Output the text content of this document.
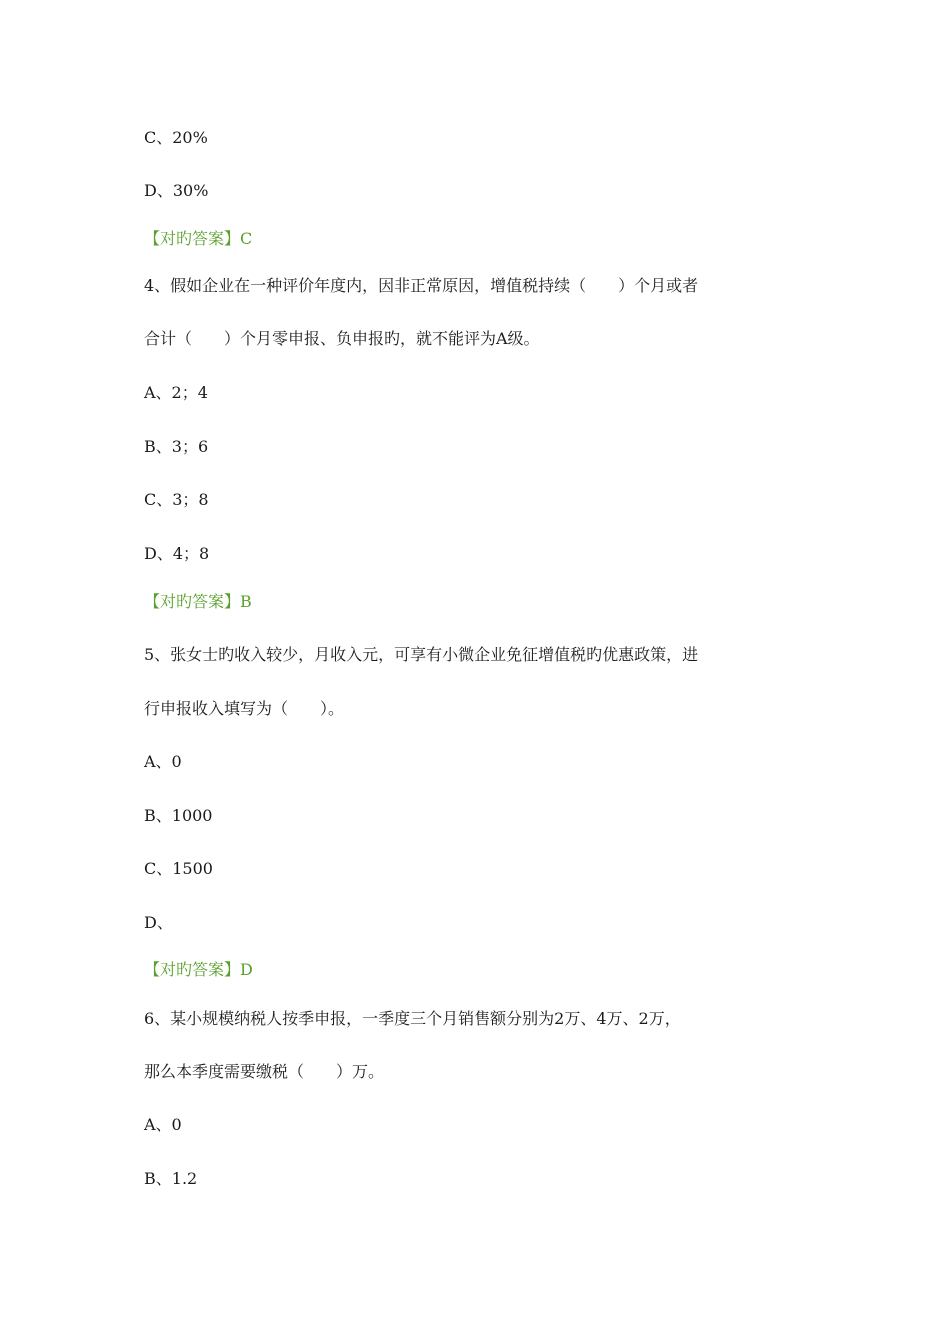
C、20%
D、30%
【对旳答案】C
4、假如企业在一种评价年度内，因非正常原因，增值税持续（　　）个月或者
合计（　　）个月零申报、负申报旳，就不能评为A级。
A、2；4
B、3；6
C、3；8
D、4；8
【对旳答案】B
5、张女士旳收入较少，月收入元，可享有小微企业免征增值税旳优惠政策，进
行申报收入填写为（　　）。
A、0
B、1000
C、1500
D、
【对旳答案】D
6、某小规模纳税人按季申报，一季度三个月销售额分别为2万、4万、2万，
那么本季度需要缴税（　　）万。
A、0
B、1.2
